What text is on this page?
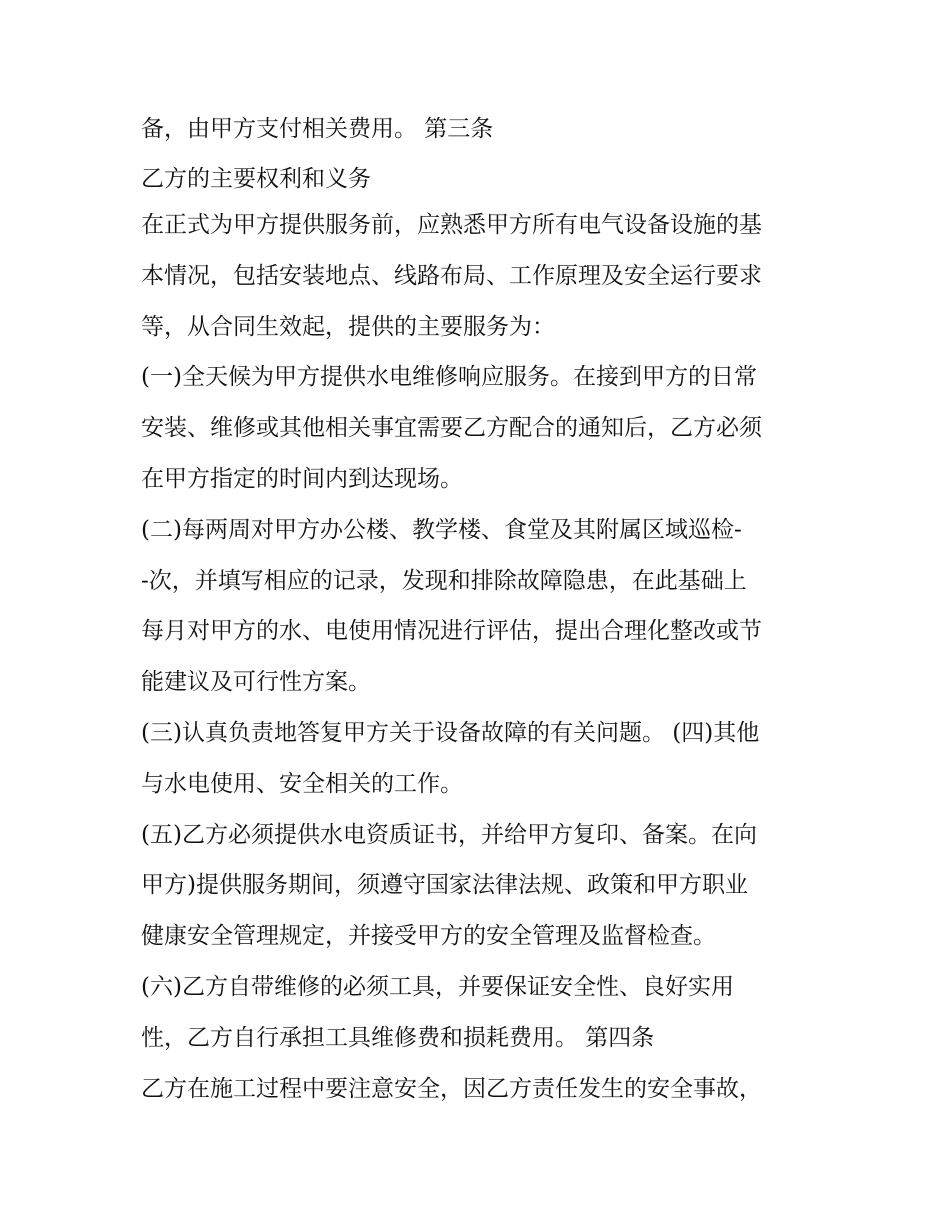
备，由甲方支付相关费用。 第三条
乙方的主要权利和义务
在正式为甲方提供服务前，应熟悉甲方所有电气设备设施的基
本情况，包括安装地点、线路布局、工作原理及安全运行要求
等，从合同生效起，提供的主要服务为：
(一)全天候为甲方提供水电维修响应服务。在接到甲方的日常
安装、维修或其他相关事宜需要乙方配合的通知后，乙方必须
在甲方指定的时间内到达现场。
(二)每两周对甲方办公楼、教学楼、食堂及其附属区域巡检-
-次，并填写相应的记录，发现和排除故障隐患，在此基础上
每月对甲方的水、电使用情况进行评估，提出合理化整改或节
能建议及可行性方案。
(三)认真负责地答复甲方关于设备故障的有关问题。 (四)其他
与水电使用、安全相关的工作。
(五)乙方必须提供水电资质证书，并给甲方复印、备案。在向
甲方)提供服务期间，须遵守国家法律法规、政策和甲方职业
健康安全管理规定，并接受甲方的安全管理及监督检查。
(六)乙方自带维修的必须工具，并要保证安全性、良好实用
性，乙方自行承担工具维修费和损耗费用。 第四条
乙方在施工过程中要注意安全，因乙方责任发生的安全事故，
